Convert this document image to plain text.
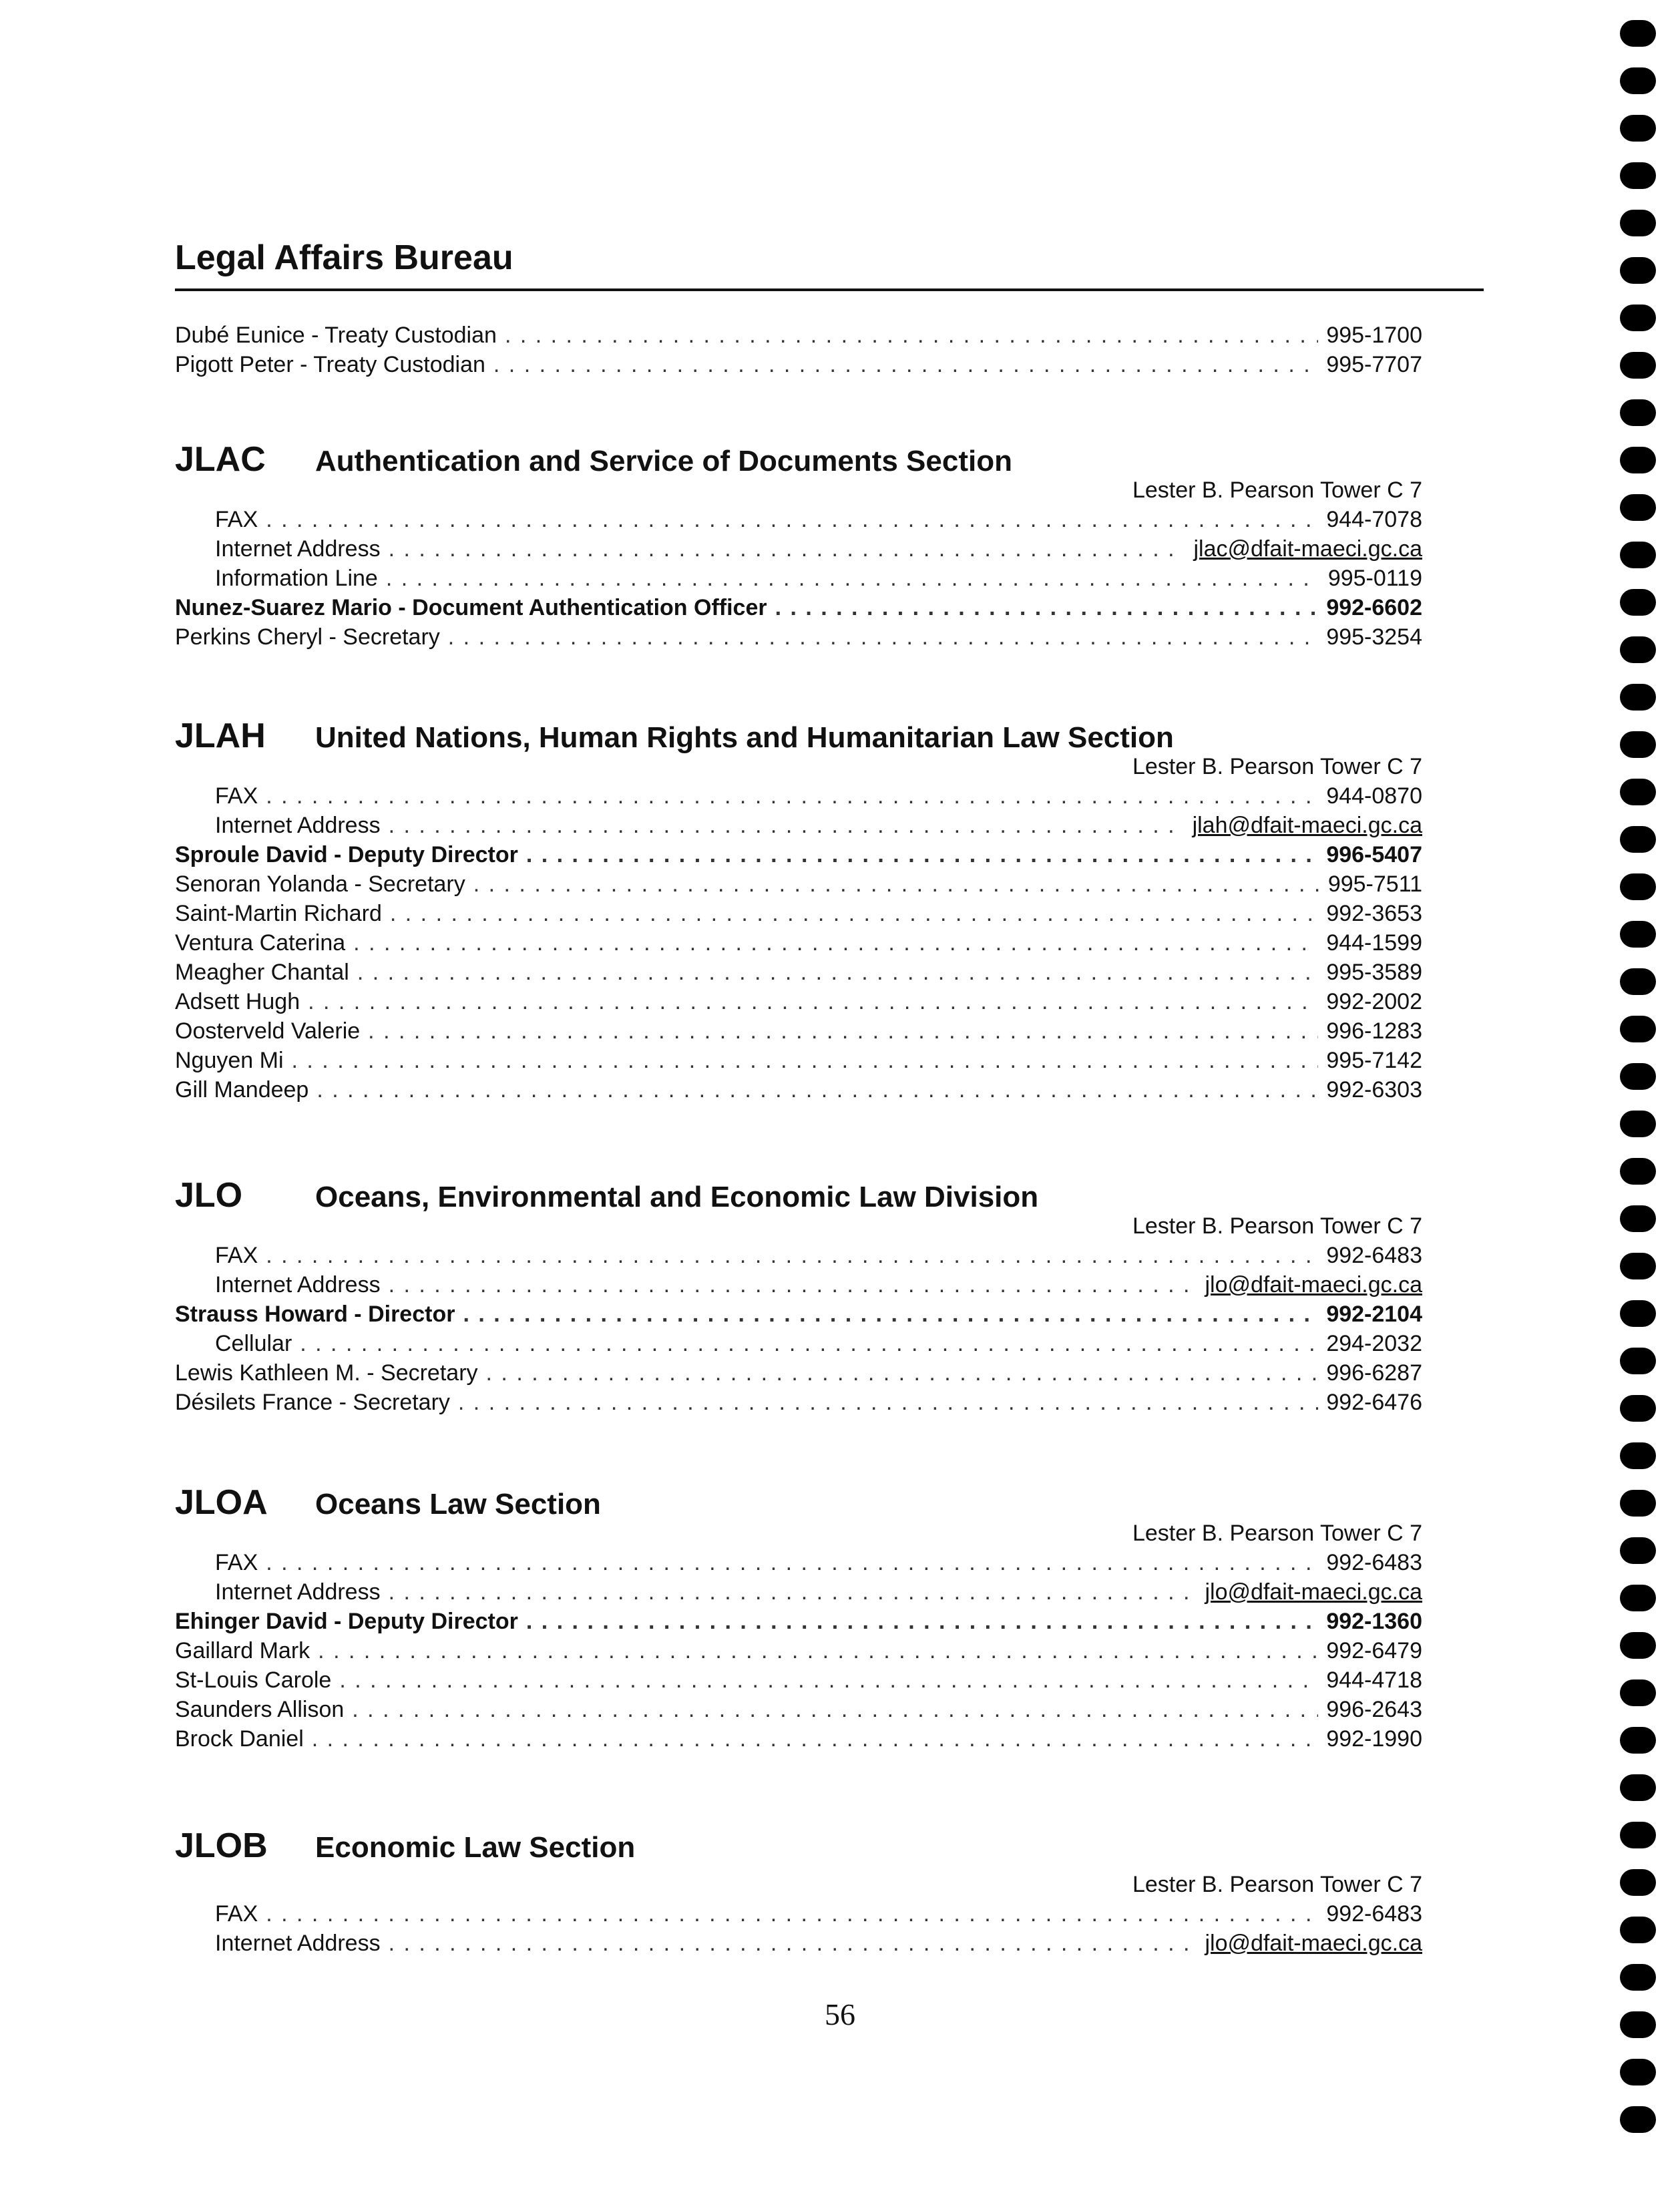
Legal Affairs Bureau
Dubé Eunice - Treaty Custodian . . .	995-1700
Pigott Peter - Treaty Custodian . . .	995-7707
JLAC Authentication and Service of Documents Section
Lester B. Pearson Tower C 7
FAX . . .	944-7078
Internet Address . . .	jlac@dfait-maeci.gc.ca
Information Line . . .	995-0119
Nunez-Suarez Mario - Document Authentication Officer . . .	992-6602
Perkins Cheryl - Secretary . . .	995-3254
JLAH United Nations, Human Rights and Humanitarian Law Section
Lester B. Pearson Tower C 7
FAX . . .	944-0870
Internet Address . . .	jlah@dfait-maeci.gc.ca
Sproule David - Deputy Director . . .	996-5407
Senoran Yolanda - Secretary . . .	995-7511
Saint-Martin Richard . . .	992-3653
Ventura Caterina . . .	944-1599
Meagher Chantal . . .	995-3589
Adsett Hugh . . .	992-2002
Oosterveld Valerie . . .	996-1283
Nguyen Mi . . .	995-7142
Gill Mandeep . . .	992-6303
JLO Oceans, Environmental and Economic Law Division
Lester B. Pearson Tower C 7
FAX . . .	992-6483
Internet Address . . .	jlo@dfait-maeci.gc.ca
Strauss Howard - Director . . .	992-2104
Cellular . . .	294-2032
Lewis Kathleen M. - Secretary . . .	996-6287
Désilets France - Secretary . . .	992-6476
JLOA Oceans Law Section
Lester B. Pearson Tower C 7
FAX . . .	992-6483
Internet Address . . .	jlo@dfait-maeci.gc.ca
Ehinger David - Deputy Director . . .	992-1360
Gaillard Mark . . .	992-6479
St-Louis Carole . . .	944-4718
Saunders Allison . . .	996-2643
Brock Daniel . . .	992-1990
JLOB Economic Law Section
Lester B. Pearson Tower C 7
FAX . . .	992-6483
Internet Address . . .	jlo@dfait-maeci.gc.ca
56
